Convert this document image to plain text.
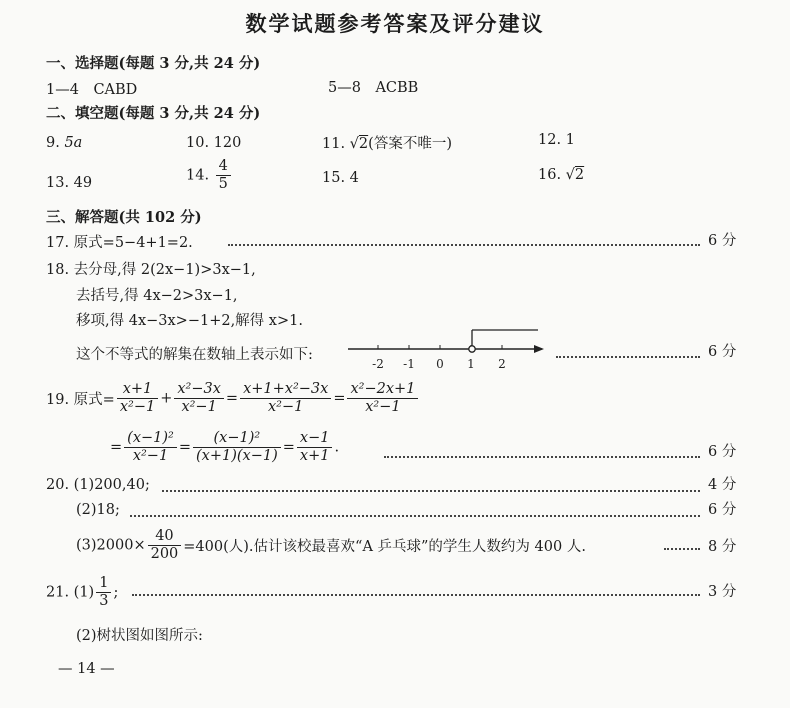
数学试题参考答案及评分建议
一、选择题(每题 3 分,共 24 分)
1—4　CABD	5—8　ACBB
二、填空题(每题 3 分,共 24 分)
9. 5a	10. 120	11. √2(答案不唯一)	12. 1
13. 49	14. $\frac{4}{5}$	15. 4	16. √2
三、解答题(共 102 分)
17. 原式=5−4+1=2.	6 分
18. 去分母,得 2(2x−1)>3x−1,
去括号,得 4x−2>3x−1,
移项,得 4x−3x>−1+2,解得 x>1.
这个不等式的解集在数轴上表示如下:
-2 -1 0 1 2
6 分
19. 原式= $\frac{x+1}{\text{x²−1}} + \frac{\text{x²−3x}}{\text{x²−1}} = \frac{\text{x+1+x²−3x}}{\text{x²−1}} = \frac{\text{x²−2x+1}}{\text{x²−1}}$
= $\frac{\text{(x−1)²}}{\text{x²−1}} = \frac{\text{(x−1)²}}{(x+1)(x-1)} = \frac{x-1}{x+1}$ .	6 分
20. (1)200,40;	4 分
(2)18;	6 分
$(3)2000\times \frac{40}{200} =400$(人).估计该校最喜欢“A 乒乓球”的学生人数约为 400 人.	8 分
21. $(1) \frac{1}{3}$ ;	3 分
(2)树状图如图所示:
— 14 —
